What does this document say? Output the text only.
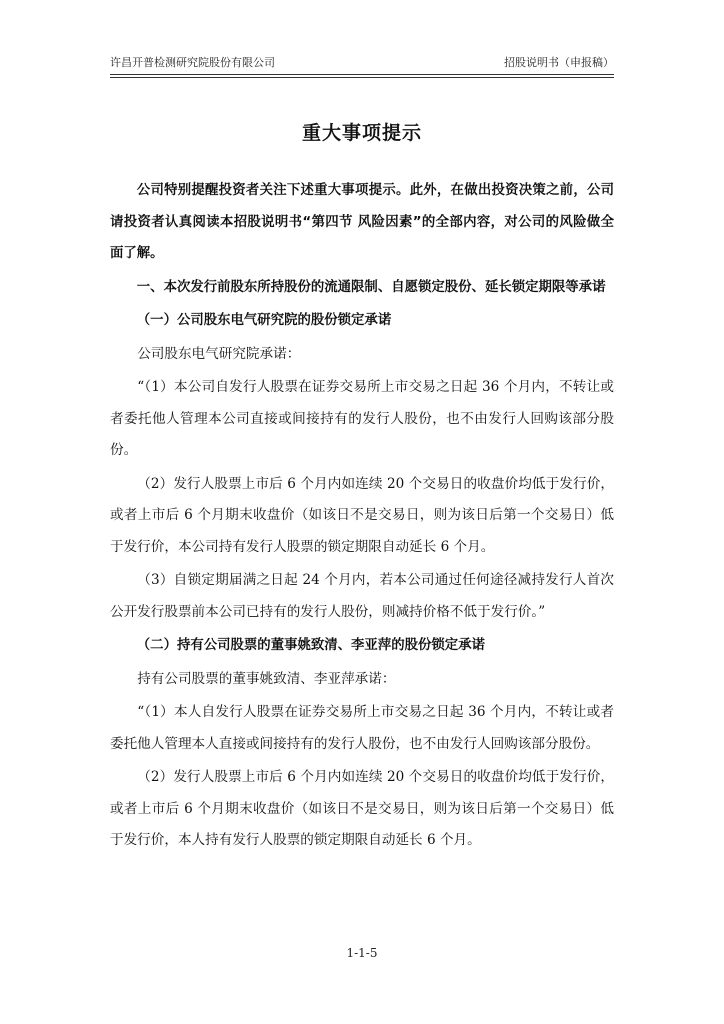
许昌开普检测研究院股份有限公司	招股说明书（申报稿）
重大事项提示

公司特别提醒投资者关注下述重大事项提示。此外，在做出投资决策之前，公司请投资者认真阅读本招股说明书“第四节 风险因素”的全部内容，对公司的风险做全面了解。

一、本次发行前股东所持股份的流通限制、自愿锁定股份、延长锁定期限等承诺

（一）公司股东电气研究院的股份锁定承诺

公司股东电气研究院承诺：

“（1）本公司自发行人股票在证券交易所上市交易之日起 36 个月内，不转让或者委托他人管理本公司直接或间接持有的发行人股份，也不由发行人回购该部分股份。

（2）发行人股票上市后 6 个月内如连续 20 个交易日的收盘价均低于发行价，或者上市后 6 个月期末收盘价（如该日不是交易日，则为该日后第一个交易日）低于发行价，本公司持有发行人股票的锁定期限自动延长 6 个月。

（3）自锁定期届满之日起 24 个月内，若本公司通过任何途径减持发行人首次公开发行股票前本公司已持有的发行人股份，则减持价格不低于发行价。”

（二）持有公司股票的董事姚致清、李亚萍的股份锁定承诺

持有公司股票的董事姚致清、李亚萍承诺：

“（1）本人自发行人股票在证券交易所上市交易之日起 36 个月内，不转让或者委托他人管理本人直接或间接持有的发行人股份，也不由发行人回购该部分股份。

（2）发行人股票上市后 6 个月内如连续 20 个交易日的收盘价均低于发行价，或者上市后 6 个月期末收盘价（如该日不是交易日，则为该日后第一个交易日）低于发行价，本人持有发行人股票的锁定期限自动延长 6 个月。

1-1-5
